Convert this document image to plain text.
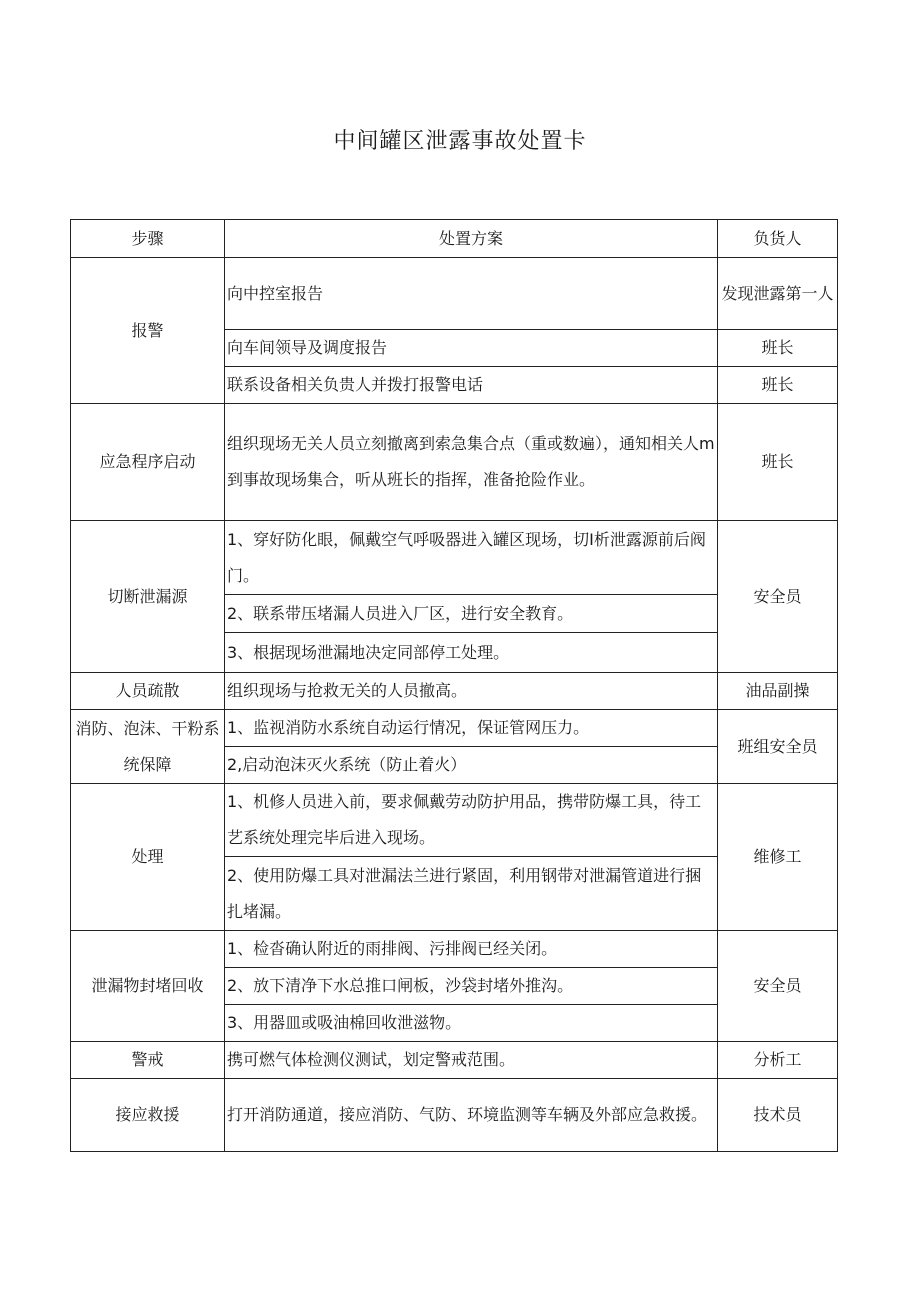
中间罐区泄露事故处置卡
步骤	处置方案	负货人
报警	向中控室报告	发现泄露第一人
	向车间领导及调度报告	班长
	联系设备相关负贵人并拨打报警电话	班长
应急程序启动	组织现场无关人员立刻撤离到索急集合点（重或数遍），通知相关人m到事故现场集合，听从班长的指挥，准备抢险作业。	班长
切断泄漏源	1、穿好防化眼，佩戴空气呼吸器进入罐区现场，切I析泄露源前后阀门。	安全员
	2、联系带压堵漏人员进入厂区，进行安全教育。	
	3、根据现场泄漏地决定同部停工处理。	
人员疏散	组织现场与抢救无关的人员撤高。	油品副操
消防、泡沫、干粉系统保障	1、监视消防水系统自动运行情况，保证管网压力。	班组安全员
	2,启动泡沫灭火系统（防止着火）	
处理	1、机修人员进入前，要求佩戴劳动防护用品，携带防爆工具，待工艺系统处理完毕后进入现场。	维修工
	2、使用防爆工具对泄漏法兰进行紧固，利用钢带对泄漏管道进行捆扎堵漏。	
泄漏物封堵回收	1、检沓确认附近的雨排阀、污排阀已经关闭。	安全员
	2、放下清净下水总推口闸板，沙袋封堵外推沟。	
	3、用器皿或吸油棉回收泄滋物。	
警戒	携可燃气体检测仪测试，划定警戒范围。	分析工
接应救援	打开消防通道，接应消防、气防、环境监测等车辆及外部应急救援。	技术员
